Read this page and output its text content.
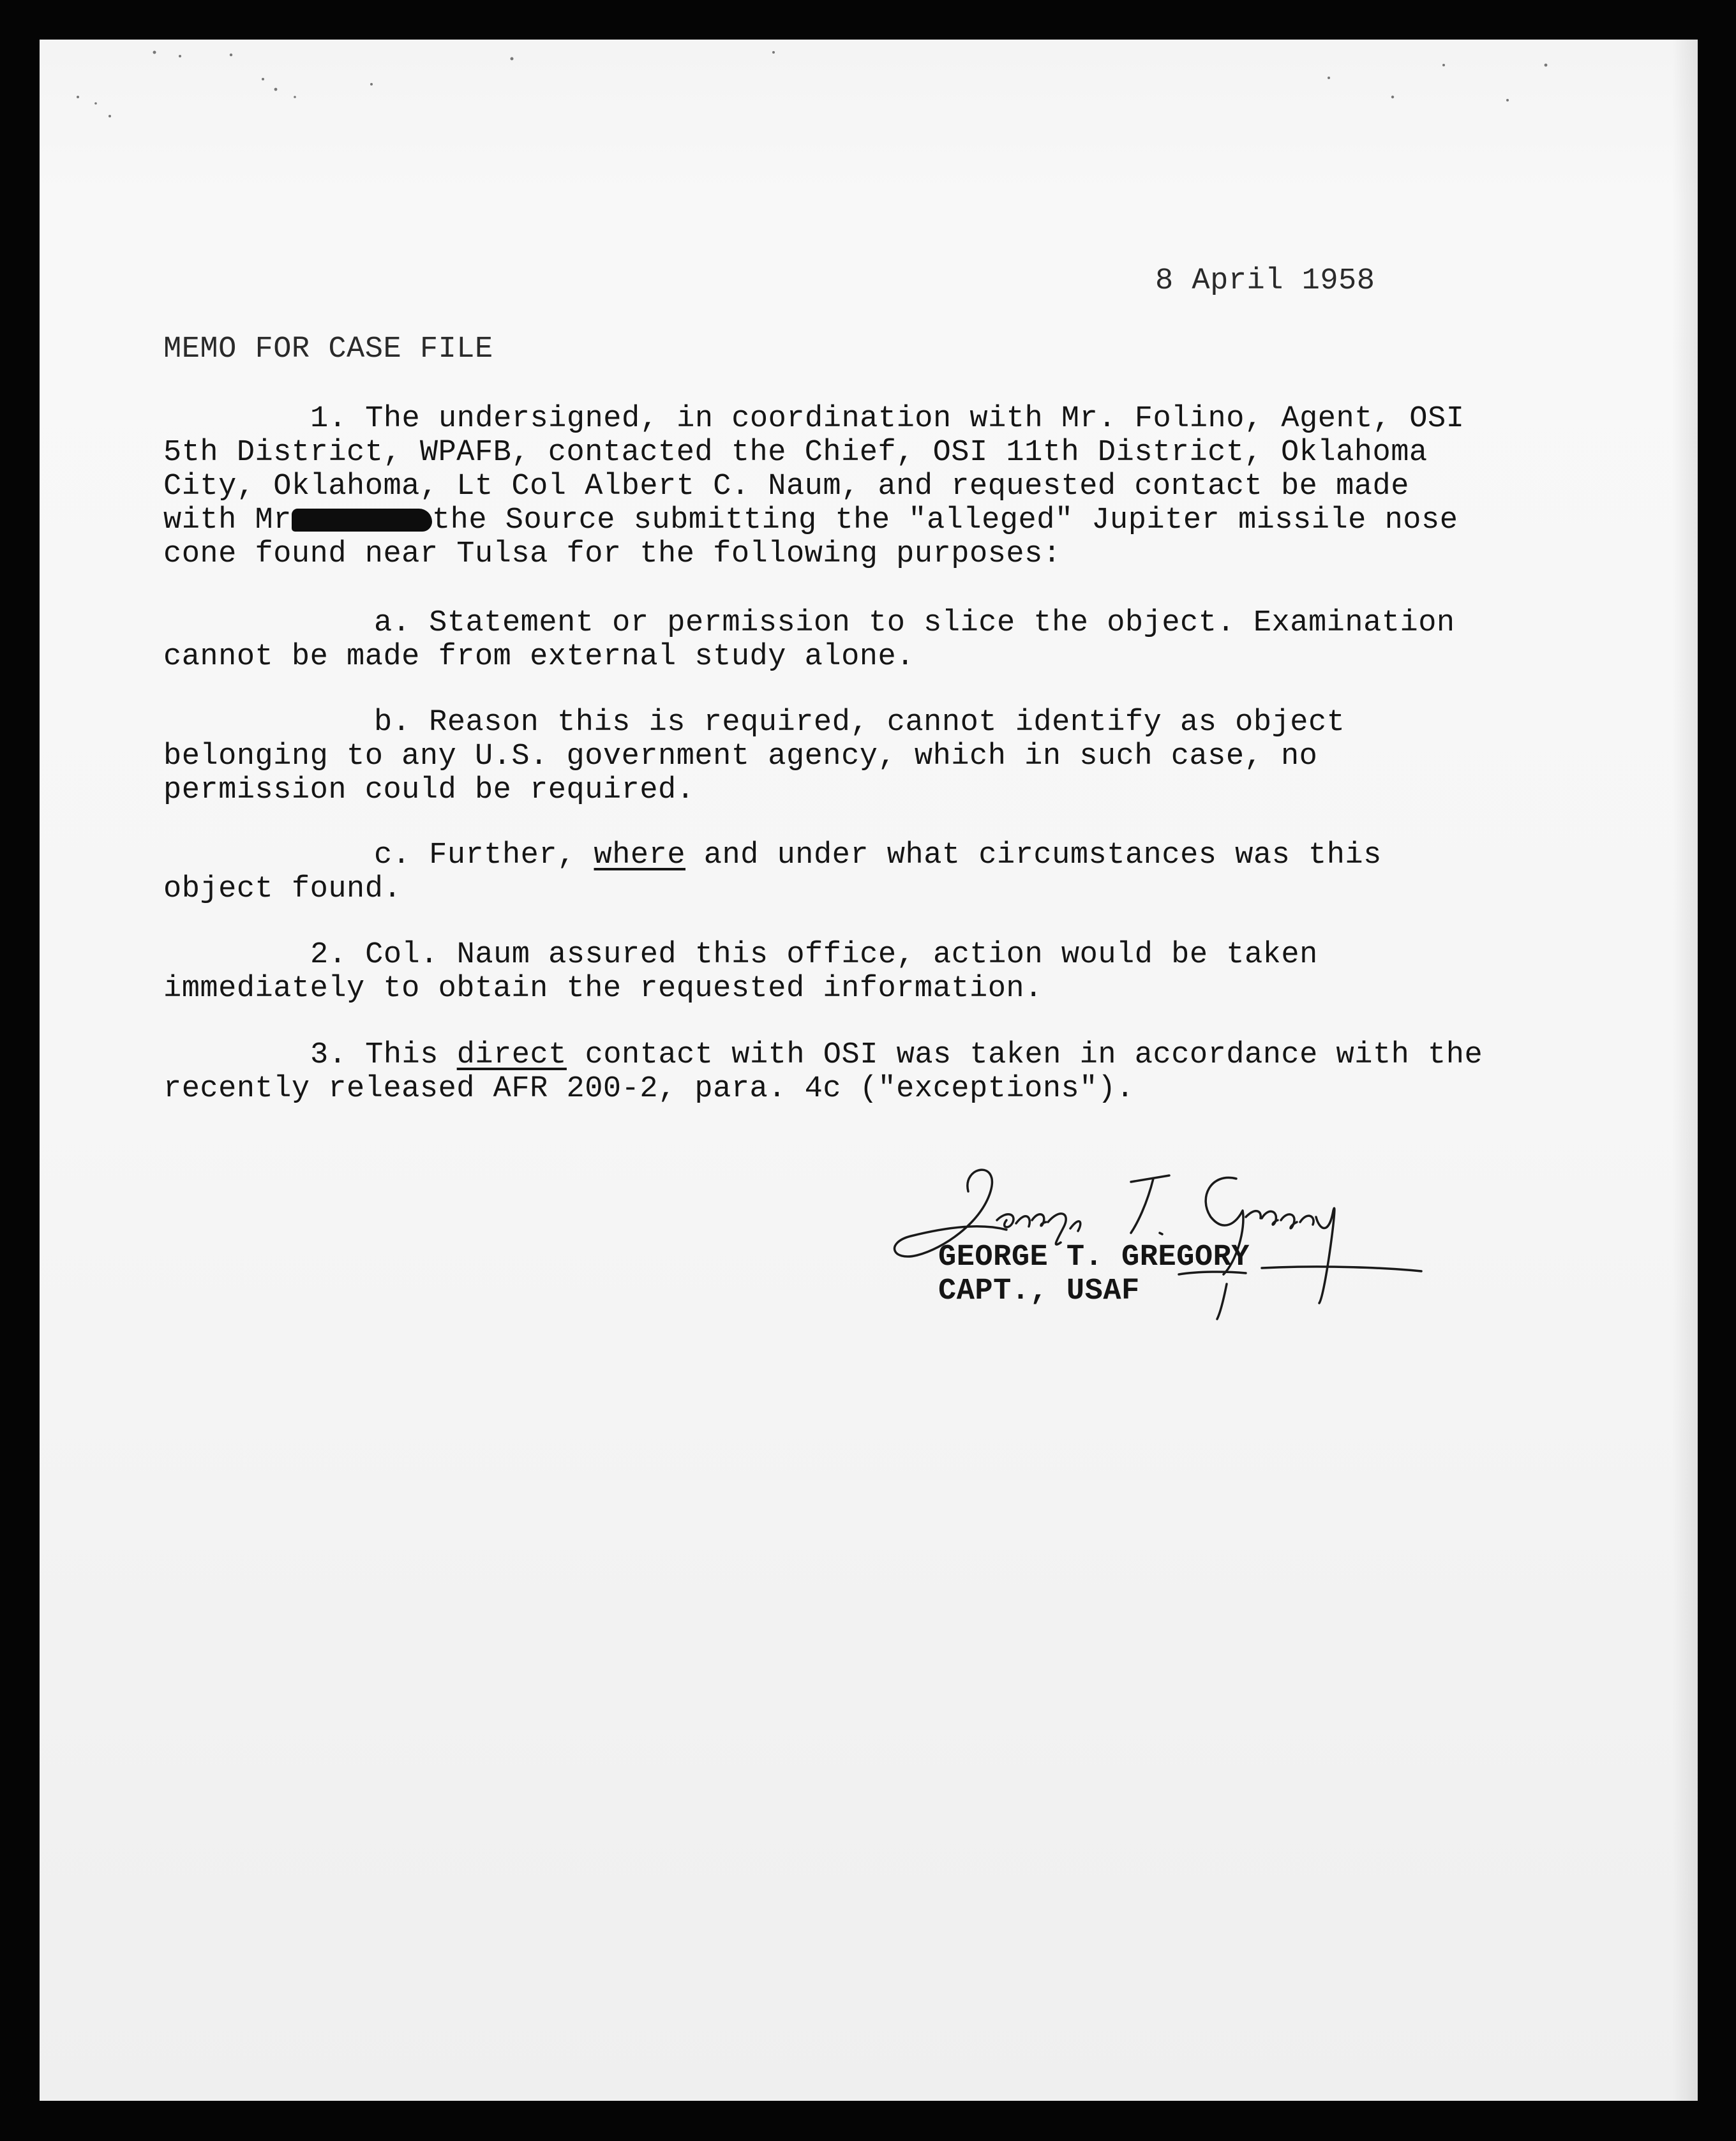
8 April 1958
MEMO FOR CASE FILE
1. The undersigned, in coordination with Mr. Folino, Agent, OSI 5th District, WPAFB, contacted the Chief, OSI 11th District, Oklahoma City, Oklahoma, Lt Col Albert C. Naum, and requested contact be made with Mr	the Source submitting the "alleged" Jupiter missile nose cone found near Tulsa for the following purposes:
a. Statement or permission to slice the object. Examination cannot be made from external study alone.
b. Reason this is required, cannot identify as object belonging to any U.S. government agency, which in such case, no permission could be required.
c. Further, where and under what circumstances was this object found.
2. Col. Naum assured this office, action would be taken immediately to obtain the requested information.
3. This direct contact with OSI was taken in accordance with the recently released AFR 200-2, para. 4c ("exceptions").
GEORGE T. GREGORY
CAPT., USAF
